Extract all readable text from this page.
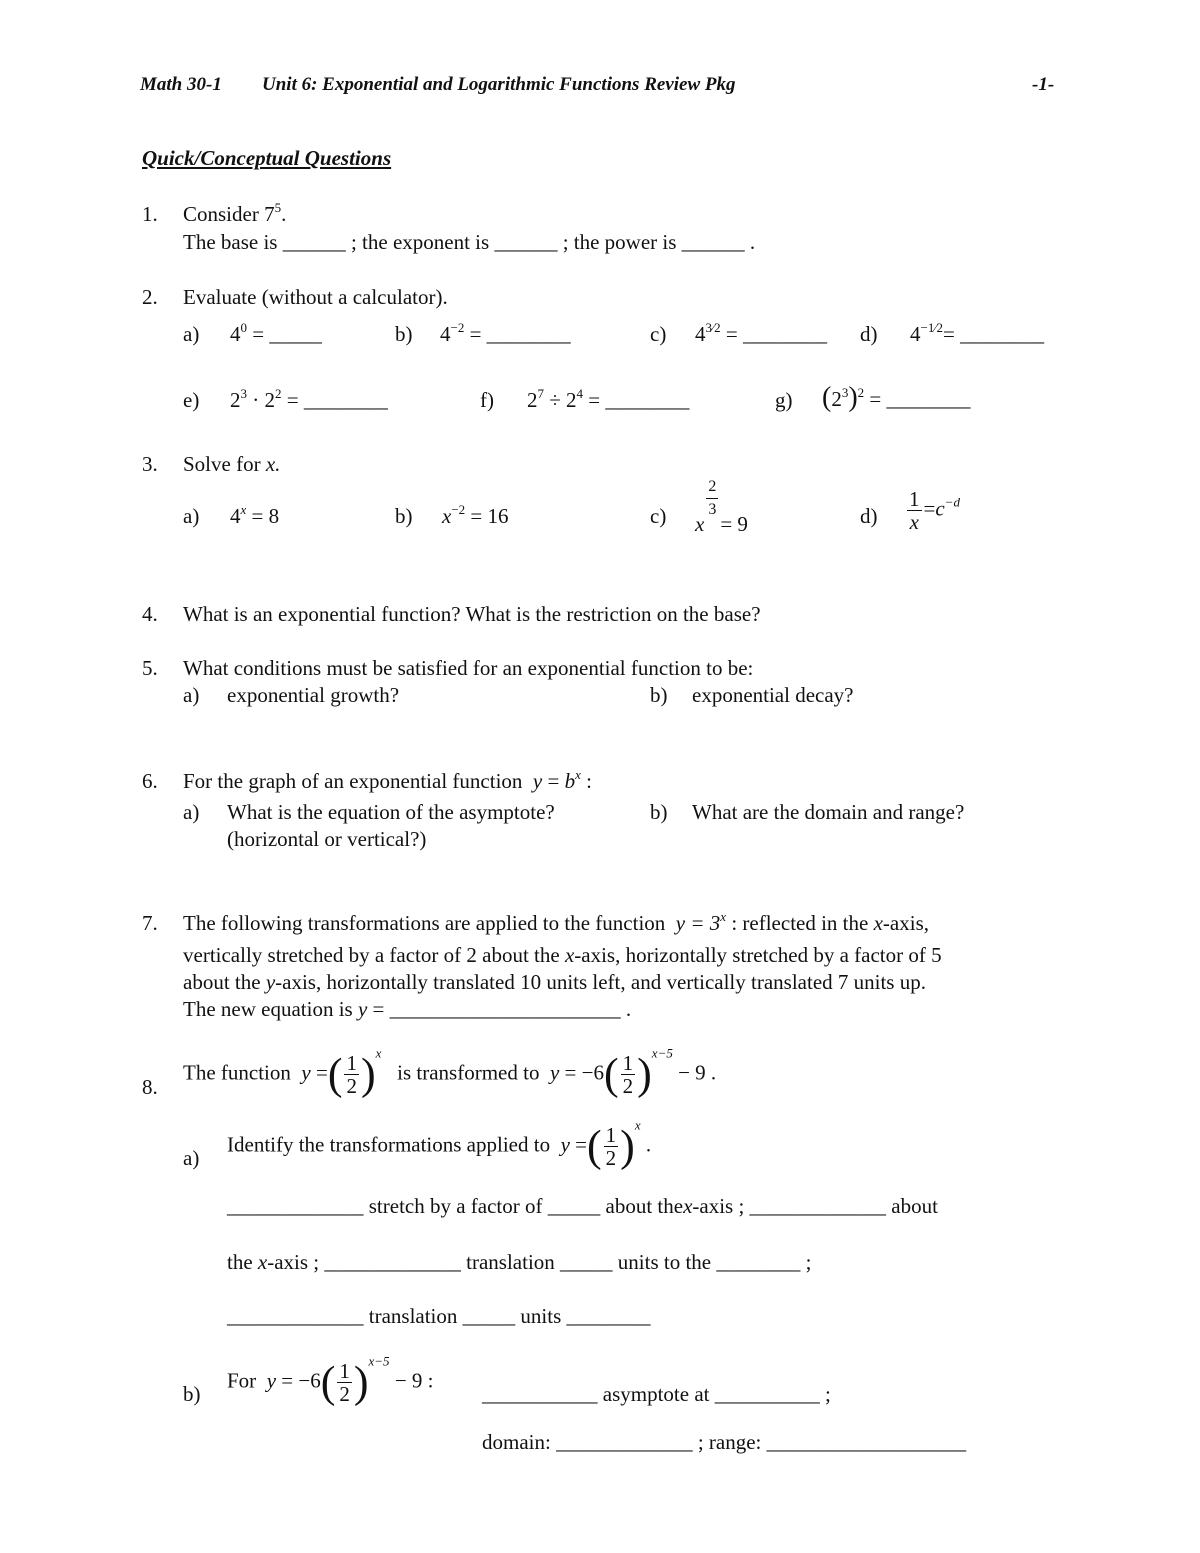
Math 30-1 Unit 6: Exponential and Logarithmic Functions Review Pkg	-1-
Quick/Conceptual Questions
1. Consider $7^5$.
The base is ______ ; the exponent is ______ ; the power is ______ .
2. Evaluate (without a calculator).
a) $4^0$ = _____	b) $4^{-2}$ = ________	c) $4^{3⁄2}$ = ________ d) $4^{-1⁄2}=$ ________
e) $2^3 \cdot 2^2$ = ________	f) $2^7 \div 2^4$ = ________	g) $(2^3)^2$ = ________
3. Solve for x.
a) $4^x = 8$	b) $x^{-2} = 16$	c) x
$\frac{2}{3}$
= 9	$d) \frac{1}{x} =c^{-d}$
4. What is an exponential function? What is the restriction on the base?
5. What conditions must be satisfied for an exponential function to be:
a) exponential growth?	b) exponential decay?
6. For the graph of an exponential function $y = b^x$ :
a) What is the equation of the asymptote?
(horizontal or vertical?)
b) What are the domain and range?
7. The following transformations are applied to the function $y = 3^x$ : reflected in the x-axis,
vertically stretched by a factor of 2 about the x-axis, horizontally stretched by a factor of 5
about the y-axis, horizontally translated 10 units left, and vertically translated 7 units up.
The new equation is y = ______________________ .
8.
The function y =( $\frac{1}{2} )^x$   is transformed to $y = -6( \frac{1}{2} )^{x-5} - 9$ .
a)
Identify the transformations applied to y =( $\frac{1}{2} )^x$ .
_____________ stretch by a factor of _____ about thex-axis ; _____________ about
the x-axis ; _____________ translation _____ units to the ________ ;
_____________ translation _____ units ________
b)
For $y = -6( \frac{1}{2} )^{x-5} - 9$ :
___________ asymptote at __________ ;
domain: _____________ ; range: ___________________
